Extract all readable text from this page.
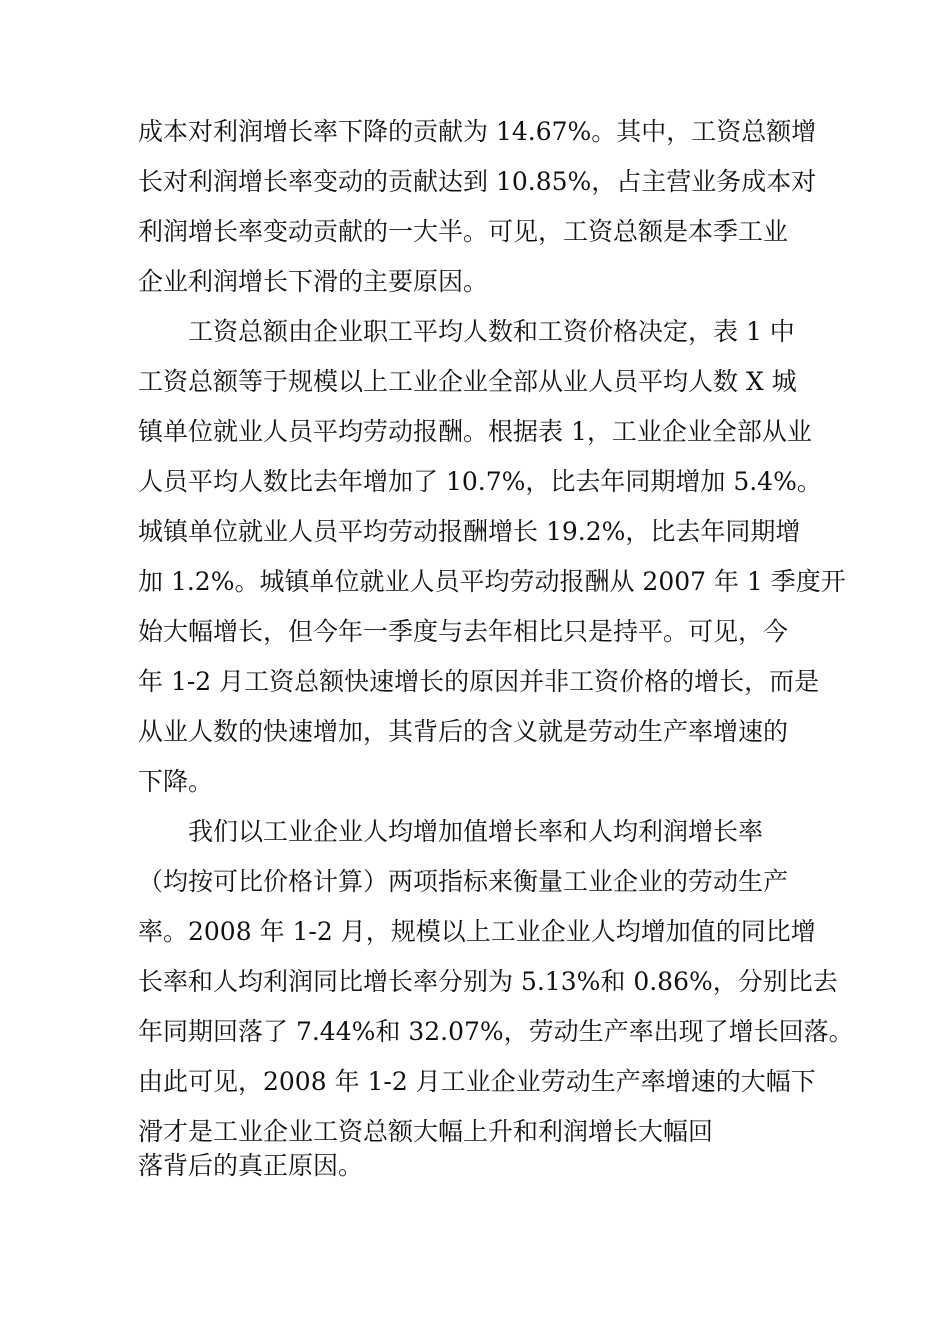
成本对利润增长率下降的贡献为 14.67%。其中，工资总额增
长对利润增长率变动的贡献达到 10.85%，占主营业务成本对
利润增长率变动贡献的一大半。可见，工资总额是本季工业
企业利润增长下滑的主要原因。
工资总额由企业职工平均人数和工资价格决定，表 1 中
工资总额等于规模以上工业企业全部从业人员平均人数 X 城
镇单位就业人员平均劳动报酬。根据表 1，工业企业全部从业
人员平均人数比去年增加了 10.7%，比去年同期增加 5.4%。
城镇单位就业人员平均劳动报酬增长 19.2%，比去年同期增
加 1.2%。城镇单位就业人员平均劳动报酬从 2007 年 1 季度开
始大幅增长，但今年一季度与去年相比只是持平。可见，今
年 1-2 月工资总额快速增长的原因并非工资价格的增长，而是
从业人数的快速增加，其背后的含义就是劳动生产率增速的
下降。
我们以工业企业人均增加值增长率和人均利润增长率
（均按可比价格计算）两项指标来衡量工业企业的劳动生产
率。2008 年 1-2 月，规模以上工业企业人均增加值的同比增
长率和人均利润同比增长率分别为 5.13%和 0.86%，分别比去
年同期回落了 7.44%和 32.07%，劳动生产率出现了增长回落。
由此可见，2008 年 1-2 月工业企业劳动生产率增速的大幅下
滑才是工业企业工资总额大幅上升和利润增长大幅回
落背后的真正原因。
